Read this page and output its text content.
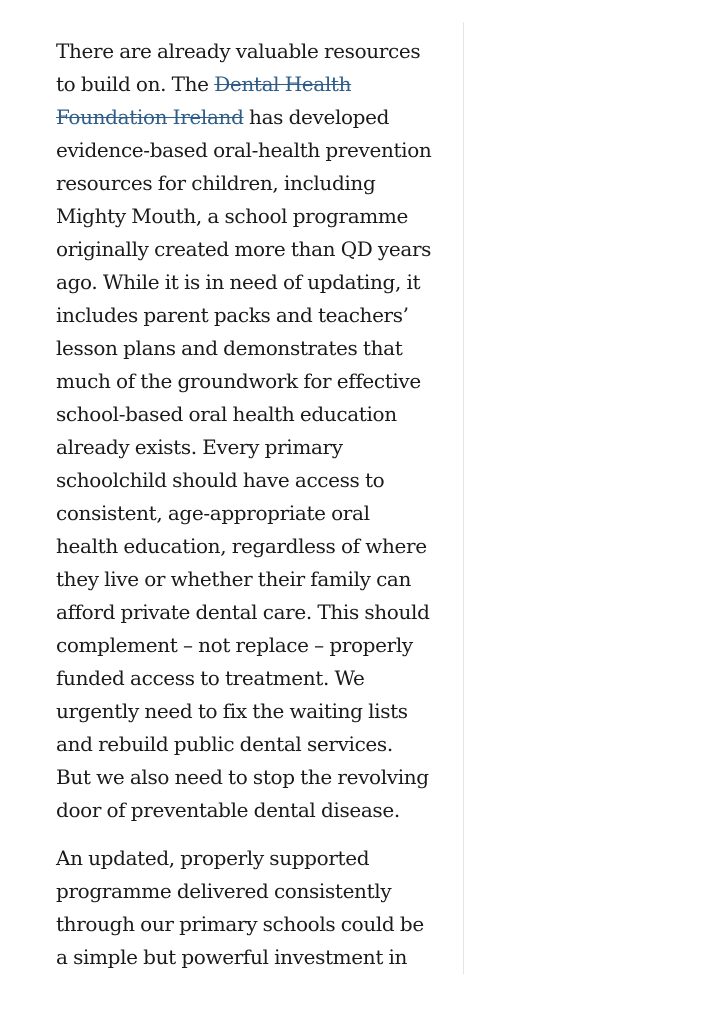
There are already valuable resources to build on. The Dental Health Foundation Ireland has developed evidence-based oral-health prevention resources for children, including Mighty Mouth, a school programme originally created more than QD years ago. While it is in need of updating, it includes parent packs and teachers’ lesson plans and demonstrates that much of the groundwork for effective school-based oral health education already exists. Every primary schoolchild should have access to consistent, age-appropriate oral health education, regardless of where they live or whether their family can afford private dental care. This should complement – not replace – properly funded access to treatment. We urgently need to fix the waiting lists and rebuild public dental services. But we also need to stop the revolving door of preventable dental disease.

An updated, properly supported programme delivered consistently through our primary schools could be a simple but powerful investment in
